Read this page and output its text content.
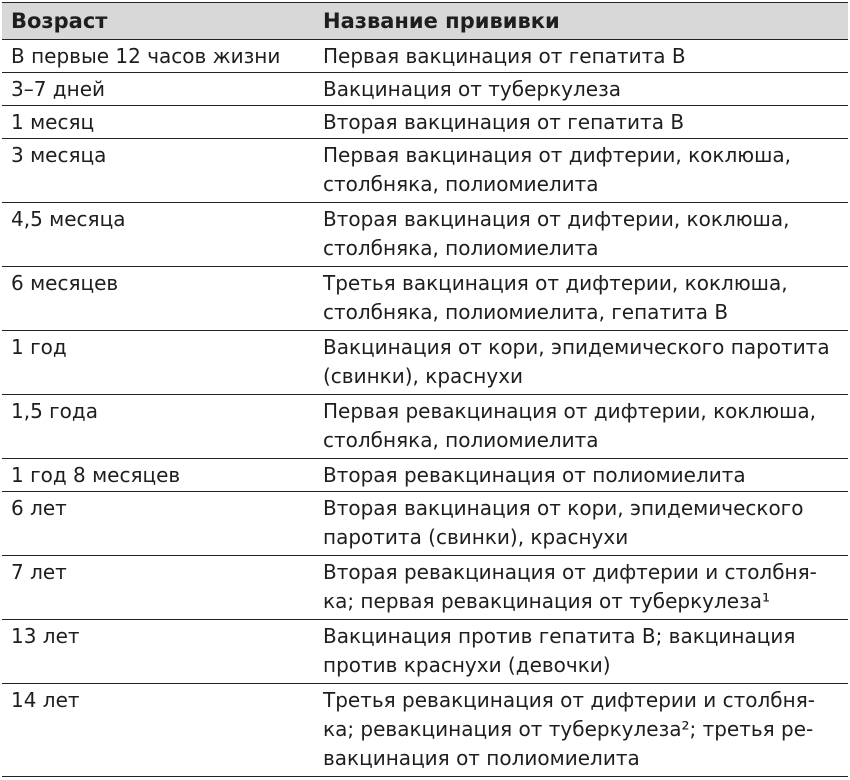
Возраст	Название прививки
В первые 12 часов жизни	Первая вакцинация от гепатита В
3–7 дней	Вакцинация от туберкулеза
1 месяц	Вторая вакцинация от гепатита В
3 месяца	Первая вакцинация от дифтерии, коклюша,
столбняка, полиомиелита
4,5 месяца	Вторая вакцинация от дифтерии, коклюша,
столбняка, полиомиелита
6 месяцев	Третья вакцинация от дифтерии, коклюша,
столбняка, полиомиелита, гепатита В
1 год	Вакцинация от кори, эпидемического паротита
(свинки), краснухи
1,5 года	Первая ревакцинация от дифтерии, коклюша,
столбняка, полиомиелита
1 год 8 месяцев	Вторая ревакцинация от полиомиелита
6 лет	Вторая вакцинация от кори, эпидемического
паротита (свинки), краснухи
7 лет	Вторая ревакцинация от дифтерии и столбня-
ка; первая ревакцинация от туберкулеза¹
13 лет	Вакцинация против гепатита В; вакцинация
против краснухи (девочки)
14 лет	Третья ревакцинация от дифтерии и столбня-
ка; ревакцинация от туберкулеза²; третья ре-
вакцинация от полиомиелита
